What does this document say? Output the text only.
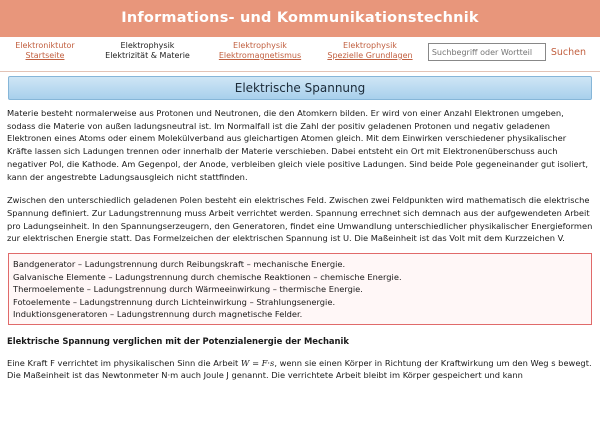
Informations- und Kommunikationstechnik
Elektroniktutor
Startseite
Elektrophysik
Elektrizität & Materie
Elektrophysik
Elektromagnetismus
Elektrophysik
Spezielle Grundlagen
Suchbegriff oder Wortteil	Suchen
Elektrische Spannung

Materie besteht normalerweise aus Protonen und Neutronen, die den Atomkern bilden. Er wird von einer Anzahl Elektronen umgeben, sodass die Materie von außen ladungsneutral ist. Im Normalfall ist die Zahl der positiv geladenen Protonen und negativ geladenen Elektronen eines Atoms oder einem Molekülverband aus gleichartigen Atomen gleich. Mit dem Einwirken verschiedener physikalischer Kräfte lassen sich Ladungen trennen oder innerhalb der Materie verschieben. Dabei entsteht ein Ort mit Elektronenüberschuss auch negativer Pol, die Kathode. Am Gegenpol, der Anode, verbleiben gleich viele positive Ladungen. Sind beide Pole gegeneinander gut isoliert, kann der angestrebte Ladungsausgleich nicht stattfinden.

Zwischen den unterschiedlich geladenen Polen besteht ein elektrisches Feld. Zwischen zwei Feldpunkten wird mathematisch die elektrische Spannung definiert. Zur Ladungstrennung muss Arbeit verrichtet werden. Spannung errechnet sich demnach aus der aufgewendeten Arbeit pro Ladungseinheit. In den Spannungserzeugern, den Generatoren, findet eine Umwandlung unterschiedlicher physikalischer Energieformen zur elektrischen Energie statt. Das Formelzeichen der elektrischen Spannung ist U. Die Maßeinheit ist das Volt mit dem Kurzzeichen V.

Bandgenerator – Ladungstrennung durch Reibungskraft – mechanische Energie.
Galvanische Elemente – Ladungstrennung durch chemische Reaktionen – chemische Energie.
Thermoelemente – Ladungstrennung durch Wärmeeinwirkung – thermische Energie.
Fotoelemente – Ladungstrennung durch Lichteinwirkung – Strahlungsenergie.
Induktionsgeneratoren – Ladungstrennung durch magnetische Felder.

Elektrische Spannung verglichen mit der Potenzialenergie der Mechanik

Eine Kraft F verrichtet im physikalischen Sinn die Arbeit W = F·s, wenn sie einen Körper in Richtung der Kraftwirkung um den Weg s bewegt. Die Maßeinheit ist das Newtonmeter N·m auch Joule J genannt. Die verrichtete Arbeit bleibt im Körper gespeichert und kann
